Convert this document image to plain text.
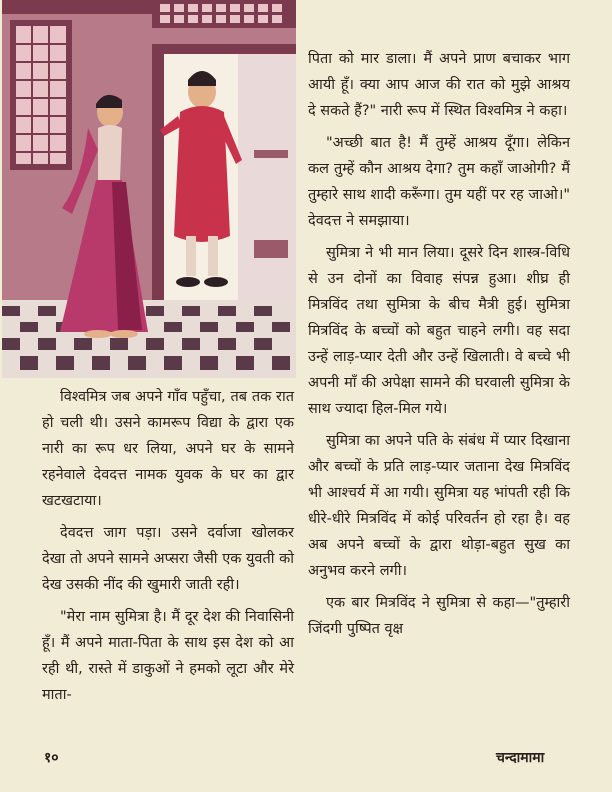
पिता को मार डाला। मैं अपने प्राण बचाकर भाग आयी हूँ। क्या आप आज की रात को मुझे आश्रय दे सकते हैं?" नारी रूप में स्थित विश्वमित्र ने कहा।

"अच्छी बात है! मैं तुम्हें आश्रय दूँगा। लेकिन कल तुम्हें कौन आश्रय देगा? तुम कहाँ जाओगी? मैं तुम्हारे साथ शादी करूँगा। तुम यहीं पर रह जाओ।" देवदत्त ने समझाया।

सुमित्रा ने भी मान लिया। दूसरे दिन शास्त्र-विधि से उन दोनों का विवाह संपन्न हुआ। शीघ्र ही मित्रविंद तथा सुमित्रा के बीच मैत्री हुई। सुमित्रा मित्रविंद के बच्चों को बहुत चाहने लगी। वह सदा उन्हें लाड़-प्यार देती और उन्हें खिलाती। वे बच्चे भी अपनी माँ की अपेक्षा सामने की घरवाली सुमित्रा के साथ ज्यादा हिल-मिल गये।

सुमित्रा का अपने पति के संबंध में प्यार दिखाना और बच्चों के प्रति लाड़-प्यार जताना देख मित्रविंद भी आश्चर्य में आ गयी। सुमित्रा यह भांपती रही कि धीरे-धीरे मित्रविंद में कोई परिवर्तन हो रहा है। वह अब अपने बच्चों के द्वारा थोड़ा-बहुत सुख का अनुभव करने लगी।

एक बार मित्रविंद ने सुमित्रा से कहा—"तुम्हारी जिंदगी पुष्पित वृक्ष

विश्वमित्र जब अपने गाँव पहुँचा, तब तक रात हो चली थी। उसने कामरूप विद्या के द्वारा एक नारी का रूप धर लिया, अपने घर के सामने रहनेवाले देवदत्त नामक युवक के घर का द्वार खटखटाया।

देवदत्त जाग पड़ा। उसने दर्वाजा खोलकर देखा तो अपने सामने अप्सरा जैसी एक युवती को देख उसकी नींद की खुमारी जाती रही।

"मेरा नाम सुमित्रा है। मैं दूर देश की निवासिनी हूँ। मैं अपने माता-पिता के साथ इस देश को आ रही थी, रास्ते में डाकुओं ने हमको लूटा और मेरे माता-

१०	चन्दामामा
